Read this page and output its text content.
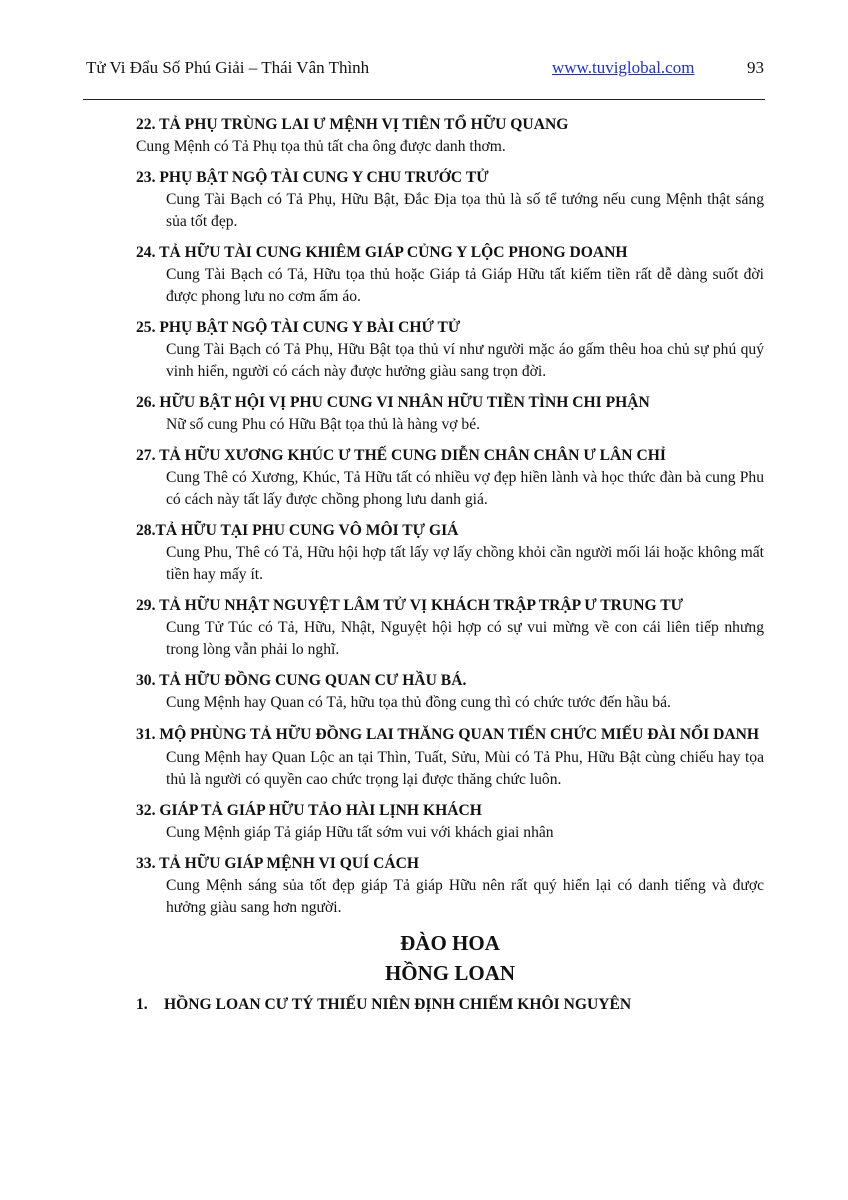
Tử Vi Đẩu Số Phú Giải – Thái Vân Thình	www.tuviglobal.com	93

22. TẢ PHỤ TRÙNG LAI Ư MỆNH VỊ TIÊN TỔ HỮU QUANG

Cung Mệnh có Tả Phụ tọa thủ tất cha ông được danh thơm.

23. PHỤ BẬT NGỘ TÀI CUNG Y CHU TRƯỚC TỬ

Cung Tài Bạch có Tả Phụ, Hữu Bật, Đắc Địa tọa thủ là số tể tướng nếu cung Mệnh thật sáng sủa tốt đẹp.

24. TẢ HỮU TÀI CUNG KHIÊM GIÁP CỦNG Y LỘC PHONG DOANH

Cung Tài Bạch có Tả, Hữu tọa thủ hoặc Giáp tả Giáp Hữu tất kiếm tiền rất dễ dàng suốt đời được phong lưu no cơm ấm áo.

25. PHỤ BẬT NGỘ TÀI CUNG Y BÀI CHỨ TỬ

Cung Tài Bạch có Tả Phụ, Hữu Bật tọa thủ ví như người mặc áo gấm thêu hoa chủ sự phú quý vinh hiển, người có cách này được hưởng giàu sang trọn đời.

26. HỮU BẬT HỘI VỊ PHU CUNG VI NHÂN HỮU TIỀN TÌNH CHI PHẬN

Nữ số cung Phu có Hữu Bật tọa thủ là hàng vợ bé.

27. TẢ HỮU XƯƠNG KHÚC Ư THẾ CUNG DIỄN CHÂN CHÂN Ư LÂN CHỈ

Cung Thê có Xương, Khúc, Tả Hữu tất có nhiều vợ đẹp hiền lành và học thức đàn bà cung Phu có cách này tất lấy được chồng phong lưu danh giá.

28.TẢ HỮU TẠI PHU CUNG VÔ MÔI TỰ GIÁ

Cung Phu, Thê có Tả, Hữu hội hợp tất lấy vợ lấy chồng khỏi cần người mối lái hoặc không mất tiền hay mấy ít.

29. TẢ HỮU NHẬT NGUYỆT LÂM TỬ VỊ KHÁCH TRẬP TRẬP Ư TRUNG TƯ

Cung Tử Túc có Tả, Hữu, Nhật, Nguyệt hội hợp có sự vui mừng về con cái liên tiếp nhưng trong lòng vẫn phải lo nghĩ.

30. TẢ HỮU ĐỒNG CUNG QUAN CƯ HẦU BÁ.

Cung Mệnh hay Quan có Tả, hữu tọa thủ đồng cung thì có chức tước đến hầu bá.

31. MỘ PHÙNG TẢ HỮU ĐỒNG LAI THĂNG QUAN TIẾN CHỨC MIẾU ĐÀI NỔI DANH

Cung Mệnh hay Quan Lộc an tại Thìn, Tuất, Sửu, Mùi có Tả Phu, Hữu Bật cùng chiếu hay tọa thủ là người có quyền cao chức trọng lại được thăng chức luôn.

32. GIÁP TẢ GIÁP HỮU TẢO HÀI LỊNH KHÁCH

Cung Mệnh giáp Tả giáp Hữu tất sớm vui với khách giai nhân

33. TẢ HỮU GIÁP MỆNH VI QUÍ CÁCH

Cung Mệnh sáng sủa tốt đẹp giáp Tả giáp Hữu nên rất quý hiển lại có danh tiếng và được hưởng giàu sang hơn người.

ĐÀO HOA

HỒNG LOAN

1. HỒNG LOAN CƯ TÝ THIẾU NIÊN ĐỊNH CHIẾM KHÔI NGUYÊN
